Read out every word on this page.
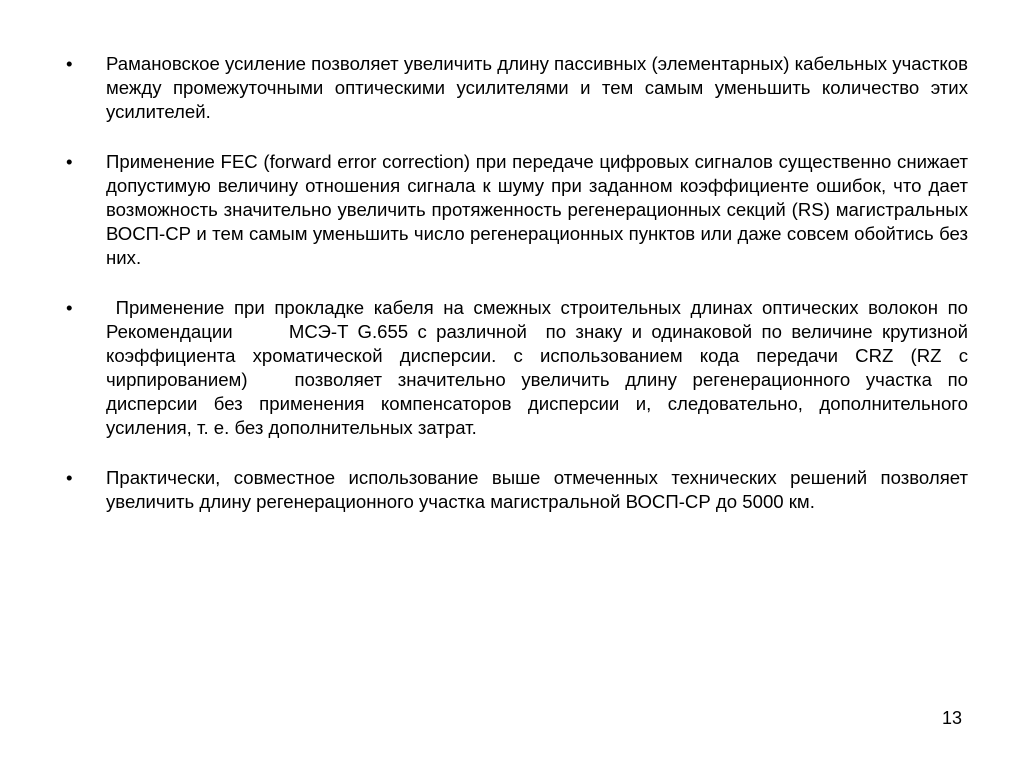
•	Рамановское усиление позволяет увеличить длину пассивных (элементарных) кабельных участков между промежуточными оптическими усилителями и тем самым уменьшить количество этих усилителей.
•	Применение FEC (forward error correction) при передаче цифровых сигналов существенно снижает допустимую величину отношения сигнала к шуму при заданном коэффициенте ошибок, что дает возможность значительно увеличить протяженность регенерационных секций (RS) магистральных ВОСП-СР и тем самым уменьшить число регенерационных пунктов или даже совсем обойтись без них.
•	Применение при прокладке кабеля на смежных строительных длинах оптических волокон по Рекомендации      МСЭ-T G.655 с различной  по знаку и одинаковой по величине крутизной коэффициента хроматической дисперсии. с использованием кода передачи CRZ (RZ с чирпированием)   позволяет значительно увеличить длину регенерационного участка по дисперсии без применения компенсаторов дисперсии и, следовательно, дополнительного усиления, т. е. без дополнительных затрат.
•	Практически, совместное использование выше отмеченных технических решений позволяет увеличить длину регенерационного участка магистральной ВОСП-СР до 5000 км.
13
